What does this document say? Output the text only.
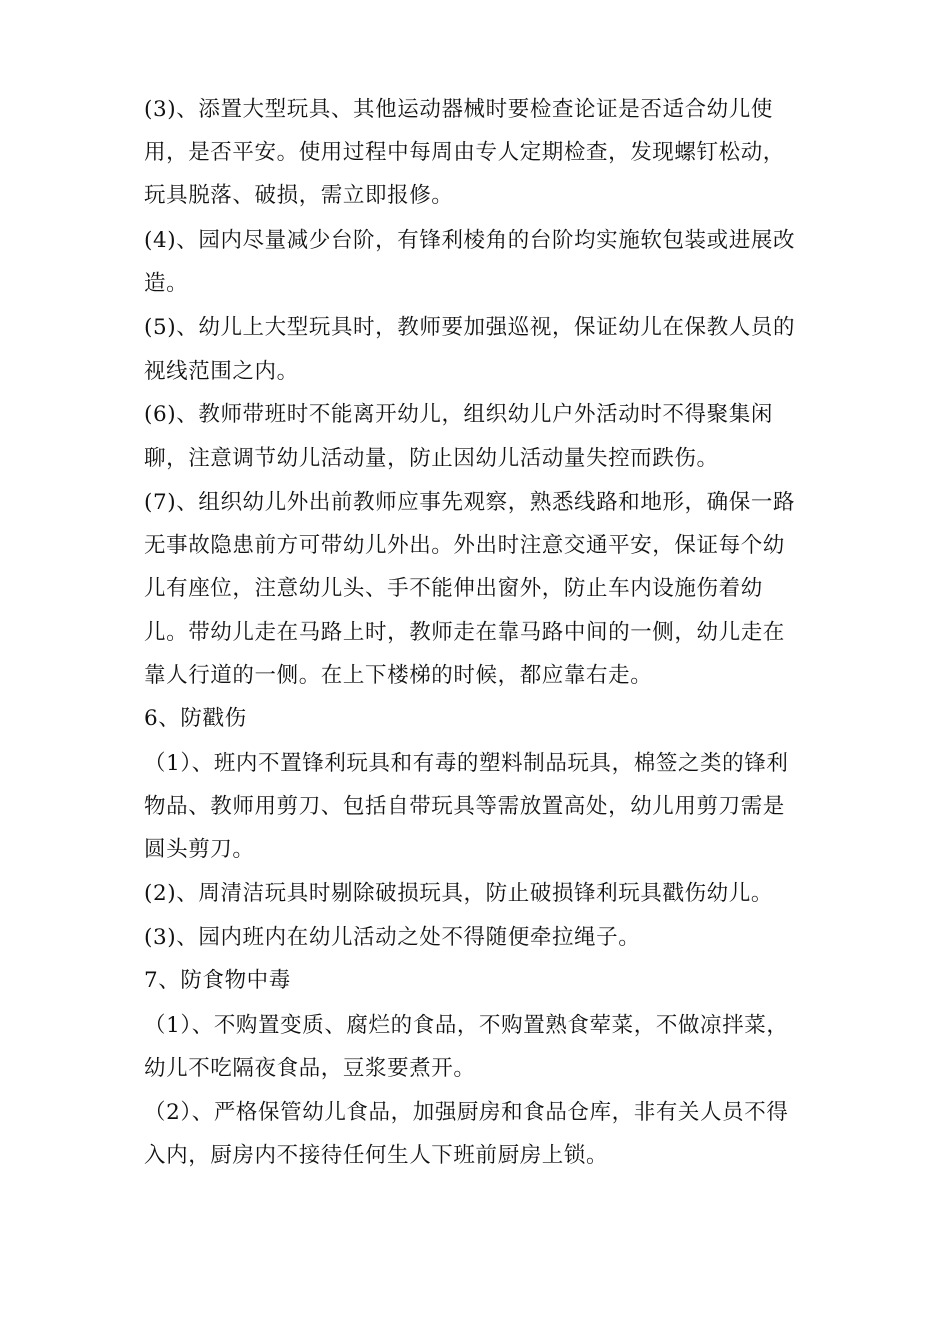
(3)、添置大型玩具、其他运动器械时要检查论证是否适合幼儿使
用，是否平安。使用过程中每周由专人定期检查，发现螺钉松动，
玩具脱落、破损，需立即报修。
(4)、园内尽量减少台阶，有锋利棱角的台阶均实施软包装或进展改
造。
(5)、幼儿上大型玩具时，教师要加强巡视，保证幼儿在保教人员的
视线范围之内。
(6)、教师带班时不能离开幼儿，组织幼儿户外活动时不得聚集闲
聊，注意调节幼儿活动量，防止因幼儿活动量失控而跌伤。
(7)、组织幼儿外出前教师应事先观察，熟悉线路和地形，确保一路
无事故隐患前方可带幼儿外出。外出时注意交通平安，保证每个幼
儿有座位，注意幼儿头、手不能伸出窗外，防止车内设施伤着幼
儿。带幼儿走在马路上时，教师走在靠马路中间的一侧，幼儿走在
靠人行道的一侧。在上下楼梯的时候，都应靠右走。
6、防戳伤
（1）、班内不置锋利玩具和有毒的塑料制品玩具，棉签之类的锋利
物品、教师用剪刀、包括自带玩具等需放置高处，幼儿用剪刀需是
圆头剪刀。
(2)、周清洁玩具时剔除破损玩具，防止破损锋利玩具戳伤幼儿。
(3)、园内班内在幼儿活动之处不得随便牵拉绳子。
7、防食物中毒
（1）、不购置变质、腐烂的食品，不购置熟食荤菜，不做凉拌菜，
幼儿不吃隔夜食品，豆浆要煮开。
（2）、严格保管幼儿食品，加强厨房和食品仓库，非有关人员不得
入内，厨房内不接待任何生人下班前厨房上锁。
